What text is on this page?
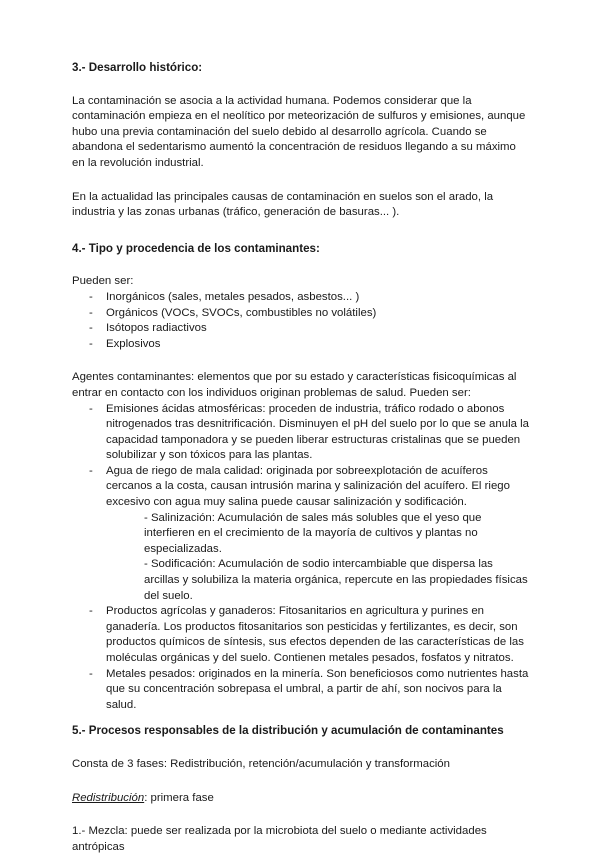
3.- Desarrollo histórico:

La contaminación se asocia a la actividad humana. Podemos considerar que la contaminación empieza en el neolítico por meteorización de sulfuros y emisiones, aunque hubo una previa contaminación del suelo debido al desarrollo agrícola. Cuando se abandona el sedentarismo aumentó la concentración de residuos llegando a su máximo en la revolución industrial.

En la actualidad las principales causas de contaminación en suelos son el arado, la industria y las zonas urbanas (tráfico, generación de basuras... ).

4.- Tipo y procedencia de los contaminantes:

Pueden ser:

- Inorgánicos (sales, metales pesados, asbestos... )
- Orgánicos (VOCs, SVOCs, combustibles no volátiles)
- Isótopos radiactivos
- Explosivos

Agentes contaminantes: elementos que por su estado y características fisicoquímicas al entrar en contacto con los individuos originan problemas de salud. Pueden ser:

- Emisiones ácidas atmosféricas: proceden de industria, tráfico rodado o abonos nitrogenados tras desnitrificación. Disminuyen el pH del suelo por lo que se anula la capacidad tamponadora y se pueden liberar estructuras cristalinas que se pueden solubilizar y son tóxicos para las plantas.
- Agua de riego de mala calidad: originada por sobreexplotación de acuíferos cercanos a la costa, causan intrusión marina y salinización del acuífero. El riego excesivo con agua muy salina puede causar salinización y sodificación.
- Salinización: Acumulación de sales más solubles que el yeso que interfieren en el crecimiento de la mayoría de cultivos y plantas no especializadas.
- Sodificación: Acumulación de sodio intercambiable que dispersa las arcillas y solubiliza la materia orgánica, repercute en las propiedades físicas del suelo.
- Productos agrícolas y ganaderos: Fitosanitarios en agricultura y purines en ganadería. Los productos fitosanitarios son pesticidas y fertilizantes, es decir, son productos químicos de síntesis, sus efectos dependen de las características de las moléculas orgánicas y del suelo. Contienen metales pesados, fosfatos y nitratos.
- Metales pesados: originados en la minería. Son beneficiosos como nutrientes hasta que su concentración sobrepasa el umbral, a partir de ahí, son nocivos para la salud.
5.- Procesos responsables de la distribución y acumulación de contaminantes

Consta de 3 fases: Redistribución, retención/acumulación y transformación

Redistribución: primera fase

1.- Mezcla: puede ser realizada por la microbiota del suelo o mediante actividades antrópicas
